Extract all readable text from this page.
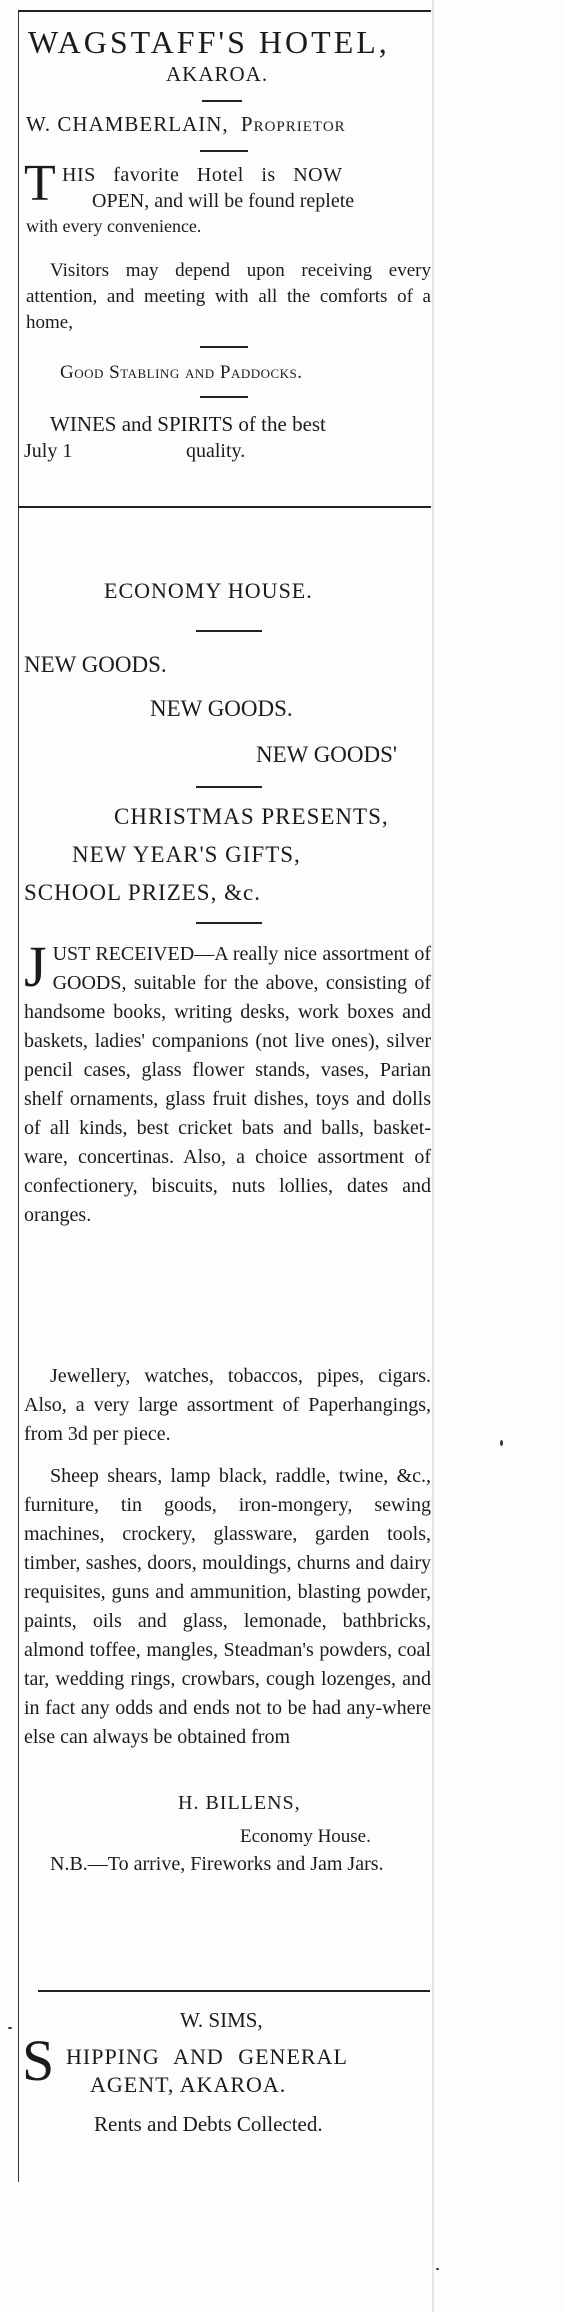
WAGSTAFF'S HOTEL,
AKAROA.
W. CHAMBERLAIN, Proprietor
T HIS favorite Hotel is NOW
OPEN, and will be found replete
with every convenience.
Visitors may depend upon receiving every attention, and meeting with all the comforts of a home,
Good Stabling and Paddocks.
WINES and SPIRITS of the best
July 1	quality.
ECONOMY HOUSE.
NEW GOODS.
NEW GOODS.
NEW GOODS'
CHRISTMAS PRESENTS,
NEW YEAR'S GIFTS,
SCHOOL PRIZES, &c.
J UST RECEIVED—A really nice assortment of GOODS, suitable for the above, consisting of handsome books, writing desks, work boxes and baskets, ladies' companions (not live ones), silver pencil cases, glass flower stands, vases, Parian shelf ornaments, glass fruit dishes, toys and dolls of all kinds, best cricket bats and balls, basket-ware, concertinas. Also, a choice assortment of confectionery, biscuits, nuts lollies, dates and oranges.
Jewellery, watches, tobaccos, pipes, cigars. Also, a very large assortment of Paperhangings, from 3d per piece.
Sheep shears, lamp black, raddle, twine, &c., furniture, tin goods, iron-mongery, sewing machines, crockery, glassware, garden tools, timber, sashes, doors, mouldings, churns and dairy requisites, guns and ammunition, blasting powder, paints, oils and glass, lemonade, bathbricks, almond toffee, mangles, Steadman's powders, coal tar, wedding rings, crowbars, cough lozenges, and in fact any odds and ends not to be had any-where else can always be obtained from
H. BILLENS,
Economy House.
N.B.—To arrive, Fireworks and Jam Jars.
W. SIMS,
S HIPPING AND GENERAL
AGENT, AKAROA.
Rents and Debts Collected.
